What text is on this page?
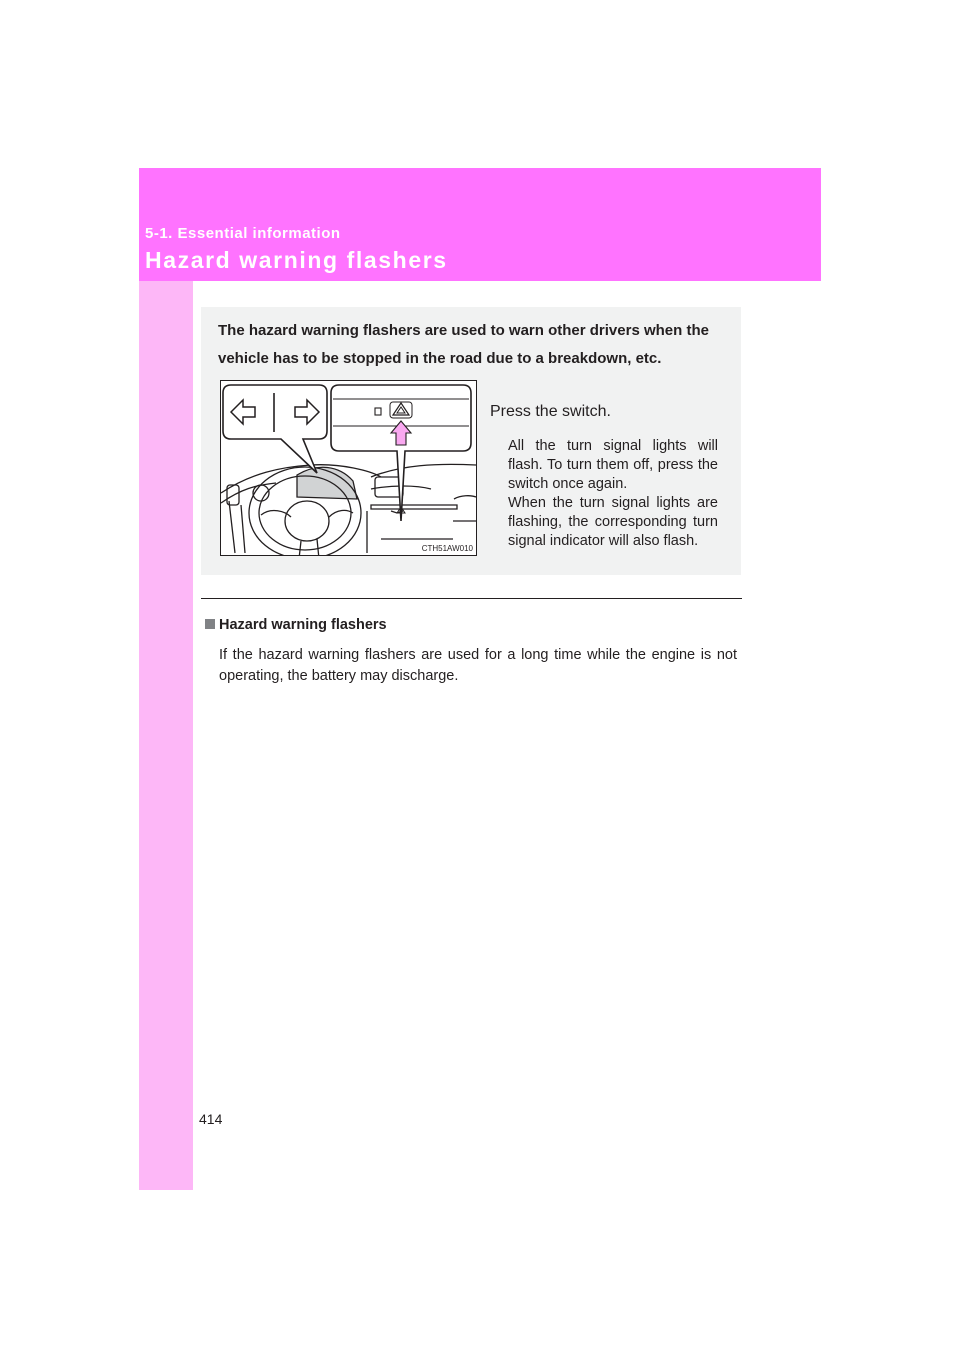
5-1. Essential information
Hazard warning flashers
The hazard warning flashers are used to warn other drivers when the vehicle has to be stopped in the road due to a breakdown, etc.
CTH51AW010
Press the switch.

All the turn signal lights will flash. To turn them off, press the switch once again.

When the turn signal lights are flashing, the corresponding turn signal indicator will also flash.

Hazard warning flashers

If the hazard warning flashers are used for a long time while the engine is not operating, the battery may discharge.

414
